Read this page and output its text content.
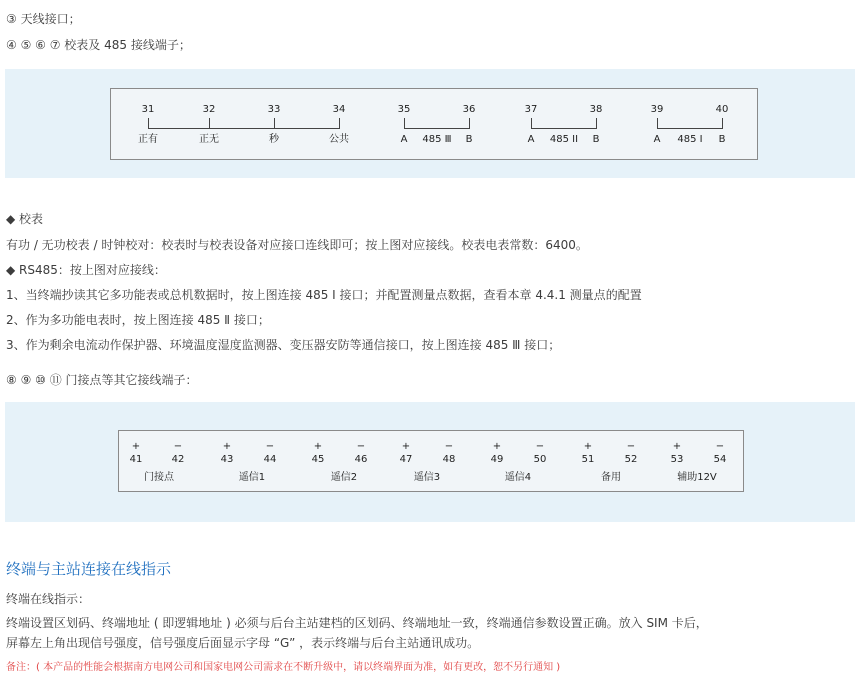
③ 天线接口；
④ ⑤ ⑥ ⑦ 校表及 485 接线端子；
31	32	33	34
正有	正无	秒	公共
35	36
A 485 Ⅲ B
37	38
A 485 II B
39	40
A 485 I B
◆ 校表
有功 / 无功校表 / 时钟校对：校表时与校表设备对应接口连线即可；按上图对应接线。校表电表常数：6400。
◆ RS485：按上图对应接线：
1、当终端抄读其它多功能表或总机数据时，按上图连接 485 Ⅰ 接口；并配置测量点数据，查看本章 4.4.1 测量点的配置
2、作为多功能电表时，按上图连接 485 Ⅱ 接口；
3、作为剩余电流动作保护器、环境温度湿度监测器、变压器安防等通信接口，按上图连接 485 Ⅲ 接口；
⑧ ⑨ ⑩ ⑪ 门接点等其它接线端子：
+	−	+	−	+	−	+	−	+	−	+	−	+	−
41	42	43	44	45	46	47	48	49	50	51	52	53	54
门接点	遥信1	遥信2	遥信3	遥信4	备用	辅助12V
终端与主站连接在线指示
终端在线指示：
终端设置区划码、终端地址 ( 即逻辑地址 ) 必须与后台主站建档的区划码、终端地址一致，终端通信参数设置正确。放入 SIM 卡后，
屏幕左上角出现信号强度，信号强度后面显示字母 “G” ，表示终端与后台主站通讯成功。
备注：( 本产品的性能会根据南方电网公司和国家电网公司需求在不断升级中，请以终端界面为准，如有更改，恕不另行通知 )
